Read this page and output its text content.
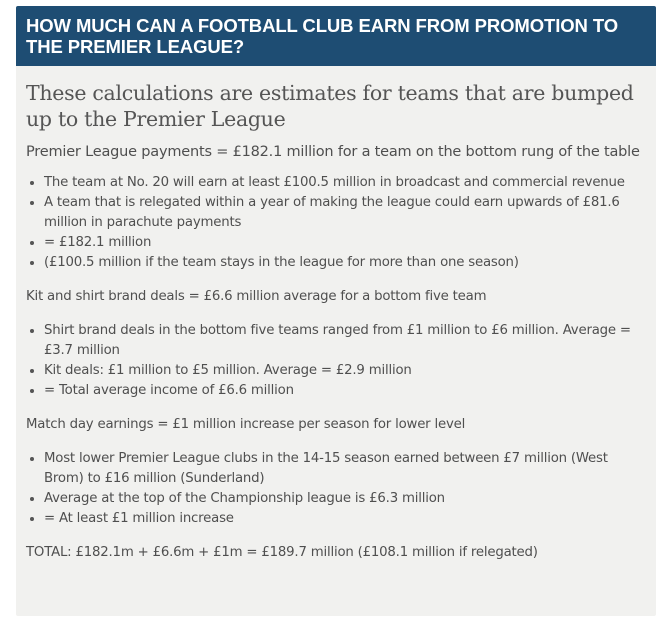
HOW MUCH CAN A FOOTBALL CLUB EARN FROM PROMOTION TO THE PREMIER LEAGUE?

These calculations are estimates for teams that are bumped up to the Premier League

Premier League payments = £182.1 million for a team on the bottom rung of the table

• The team at No. 20 will earn at least £100.5 million in broadcast and commercial revenue
• A team that is relegated within a year of making the league could earn upwards of £81.6 million in parachute payments
• = £182.1 million
• (£100.5 million if the team stays in the league for more than one season)

Kit and shirt brand deals = £6.6 million average for a bottom five team

• Shirt brand deals in the bottom five teams ranged from £1 million to £6 million. Average = £3.7 million
• Kit deals: £1 million to £5 million. Average = £2.9 million
• = Total average income of £6.6 million

Match day earnings = £1 million increase per season for lower level

• Most lower Premier League clubs in the 14-15 season earned between £7 million (West Brom) to £16 million (Sunderland)
• Average at the top of the Championship league is £6.3 million
• = At least £1 million increase

TOTAL: £182.1m + £6.6m + £1m = £189.7 million (£108.1 million if relegated)
